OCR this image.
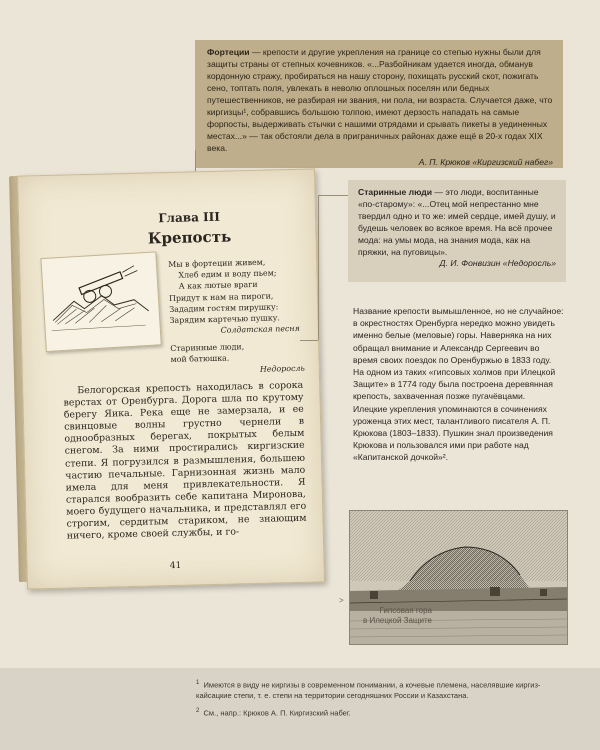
Фортеции — крепости и другие укрепления на границе со степью нужны были для защиты страны от степных кочевников. «...Разбойникам удается иногда, обманув кордонную стражу, пробираться на нашу сторону, похищать русский скот, пожигать сено, топтать поля, увлекать в неволю оплошных поселян или бедных путешественников, не разбирая ни звания, ни пола, ни возраста. Случается даже, что киргизцы¹, собравшись большою толпою, имеют дерзость нападать на самые форпосты, выдерживать стычки с нашими отрядами и срывать пикеты в уединенных местах...» — так обстояли дела в приграничных районах даже ещё в 20-х годах XIX века.
А. П. Крюков «Киргизский набег»
Глава III
Крепость
Мы в фортеции живем,
Хлеб едим и воду пьем;
А как лютые враги
Придут к нам на пироги,
Зададим гостям пирушку:
Зарядим картечью пушку.
Солдатская песня
Старинные люди,
мой батюшка.
Недоросль

Белогорская крепость находилась в сорока верстах от Оренбурга. Дорога шла по крутому берегу Яика. Река еще не замерзала, и ее свинцовые волны грустно чернели в однообразных берегах, покрытых белым снегом. За ними простирались киргизские степи. Я погрузился в размышления, большею частию печальные. Гарнизонная жизнь мало имела для меня привлекательности. Я старался вообразить себе капитана Миронова, моего будущего начальника, и представлял его строгим, сердитым стариком, не знающим ничего, кроме своей службы, и го-

41
Старинные люди — это люди, воспитанные «по-старому»: «...Отец мой непрестанно мне твердил одно и то же: имей сердце, имей душу, и будешь человек во всякое время. На всё прочее мода: на умы мода, на знания мода, как на пряжки, на пуговицы».
Д. И. Фонвизин «Недоросль»

Название крепости вымышленное, но не случайное: в окрестностях Оренбурга нередко можно увидеть именно белые (меловые) горы. Наверняка на них обращал внимание и Александр Сергеевич во время своих поездок по Оренбуржью в 1833 году.

На одном из таких «гипсовых холмов при Илецкой Защите» в 1774 году была построена деревянная крепость, захваченная позже пугачёвцами.

Илецкие укрепления упоминаются в сочинениях уроженца этих мест, талантливого писателя А. П. Крюкова (1803–1833). Пушкин знал произведения Крюкова и пользовался ими при работе над «Капитанской дочкой»².

>
Гипсовая гора
в Илецкой Защите
$^1$ Имеются в виду не киргизы в современном понимании, а кочевые племена, населявшие киргиз-кайсацкие степи, т. е. степи на территории сегодняшних России и Казахстана.
$^2$ См., напр.: Крюков А. П. Киргизский набег.
